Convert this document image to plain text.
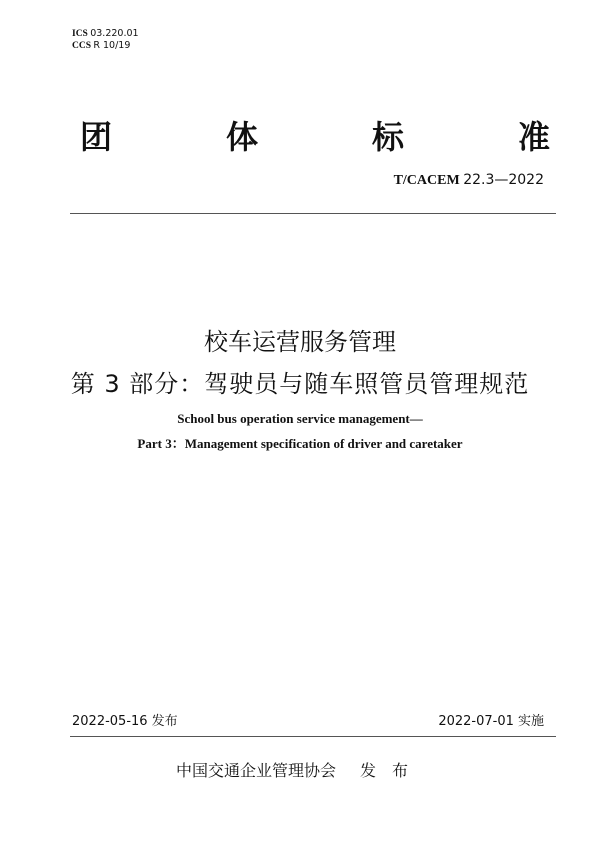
ICS 03.220.01
CCS R 10/19
团	体	标	准
T/CACEM 22.3—2022
校车运营服务管理
第 3 部分：驾驶员与随车照管员管理规范
School bus operation service management—
Part 3：Management specification of driver and caretaker
2022-05-16 发布	2022-07-01 实施
中国交通企业管理协会 发布
